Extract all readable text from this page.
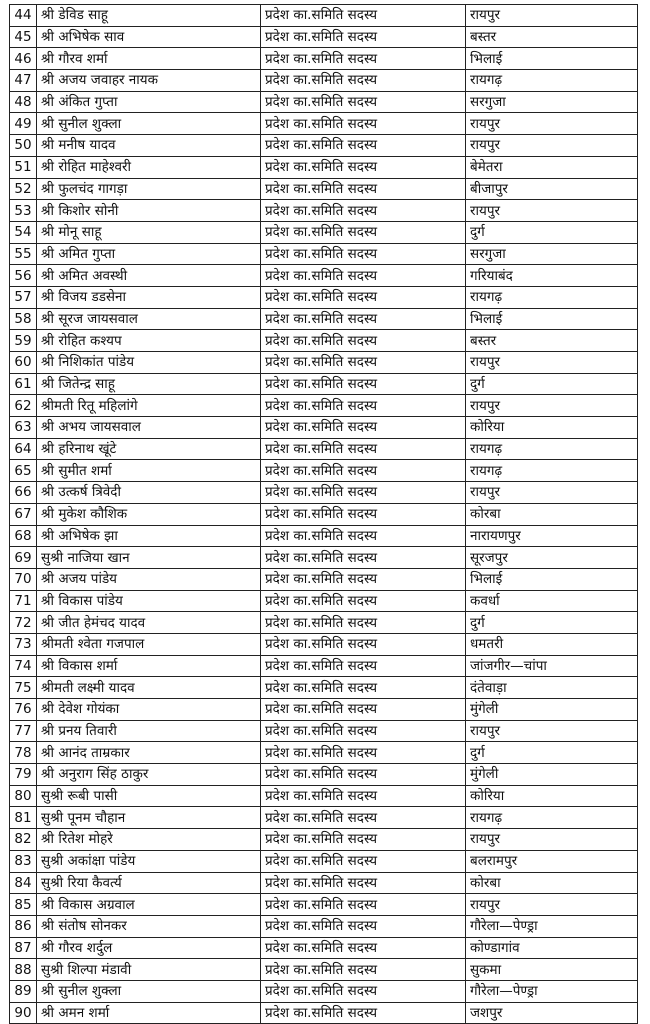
44	श्री डेविड साहू	प्रदेश का.समिति सदस्य	रायपुर
45	श्री अभिषेक साव	प्रदेश का.समिति सदस्य	बस्तर
46	श्री गौरव शर्मा	प्रदेश का.समिति सदस्य	भिलाई
47	श्री अजय जवाहर नायक	प्रदेश का.समिति सदस्य	रायगढ़
48	श्री अंकित गुप्ता	प्रदेश का.समिति सदस्य	सरगुजा
49	श्री सुनील शुक्ला	प्रदेश का.समिति सदस्य	रायपुर
50	श्री मनीष यादव	प्रदेश का.समिति सदस्य	रायपुर
51	श्री रोहित माहेश्वरी	प्रदेश का.समिति सदस्य	बेमेतरा
52	श्री फुलचंद गागड़ा	प्रदेश का.समिति सदस्य	बीजापुर
53	श्री किशोर सोनी	प्रदेश का.समिति सदस्य	रायपुर
54	श्री मोनू साहू	प्रदेश का.समिति सदस्य	दुर्ग
55	श्री अमित गुप्ता	प्रदेश का.समिति सदस्य	सरगुजा
56	श्री अमित अवस्थी	प्रदेश का.समिति सदस्य	गरियाबंद
57	श्री विजय डडसेना	प्रदेश का.समिति सदस्य	रायगढ़
58	श्री सूरज जायसवाल	प्रदेश का.समिति सदस्य	भिलाई
59	श्री रोहित कश्यप	प्रदेश का.समिति सदस्य	बस्तर
60	श्री निशिकांत पांडेय	प्रदेश का.समिति सदस्य	रायपुर
61	श्री जितेन्द्र साहू	प्रदेश का.समिति सदस्य	दुर्ग
62	श्रीमती रितू महिलांगे	प्रदेश का.समिति सदस्य	रायपुर
63	श्री अभय जायसवाल	प्रदेश का.समिति सदस्य	कोरिया
64	श्री हरिनाथ खूंटे	प्रदेश का.समिति सदस्य	रायगढ़
65	श्री सुमीत शर्मा	प्रदेश का.समिति सदस्य	रायगढ़
66	श्री उत्कर्ष त्रिवेदी	प्रदेश का.समिति सदस्य	रायपुर
67	श्री मुकेश कौशिक	प्रदेश का.समिति सदस्य	कोरबा
68	श्री अभिषेक झा	प्रदेश का.समिति सदस्य	नारायणपुर
69	सुश्री नाजिया खान	प्रदेश का.समिति सदस्य	सूरजपुर
70	श्री अजय पांडेय	प्रदेश का.समिति सदस्य	भिलाई
71	श्री विकास पांडेय	प्रदेश का.समिति सदस्य	कवर्धा
72	श्री जीत हेमंचद यादव	प्रदेश का.समिति सदस्य	दुर्ग
73	श्रीमती श्वेता गजपाल	प्रदेश का.समिति सदस्य	धमतरी
74	श्री विकास शर्मा	प्रदेश का.समिति सदस्य	जांजगीर—चांपा
75	श्रीमती लक्ष्मी यादव	प्रदेश का.समिति सदस्य	दंतेवाड़ा
76	श्री देवेश गोयंका	प्रदेश का.समिति सदस्य	मुंगेली
77	श्री प्रनय तिवारी	प्रदेश का.समिति सदस्य	रायपुर
78	श्री आनंद ताम्रकार	प्रदेश का.समिति सदस्य	दुर्ग
79	श्री अनुराग सिंह ठाकुर	प्रदेश का.समिति सदस्य	मुंगेली
80	सुश्री रूबी पासी	प्रदेश का.समिति सदस्य	कोरिया
81	सुश्री पूनम चौहान	प्रदेश का.समिति सदस्य	रायगढ़
82	श्री रितेश मोहरे	प्रदेश का.समिति सदस्य	रायपुर
83	सुश्री अकांक्षा पांडेय	प्रदेश का.समिति सदस्य	बलरामपुर
84	सुश्री रिया कैवर्त्य	प्रदेश का.समिति सदस्य	कोरबा
85	श्री विकास अग्रवाल	प्रदेश का.समिति सदस्य	रायपुर
86	श्री संतोष सोनकर	प्रदेश का.समिति सदस्य	गौरेला—पेण्ड्रा
87	श्री गौरव शर्दुल	प्रदेश का.समिति सदस्य	कोण्डागांव
88	सुश्री शिल्पा मंडावी	प्रदेश का.समिति सदस्य	सुकमा
89	श्री सुनील शुक्ला	प्रदेश का.समिति सदस्य	गौरेला—पेण्ड्रा
90	श्री अमन शर्मा	प्रदेश का.समिति सदस्य	जशपुर
